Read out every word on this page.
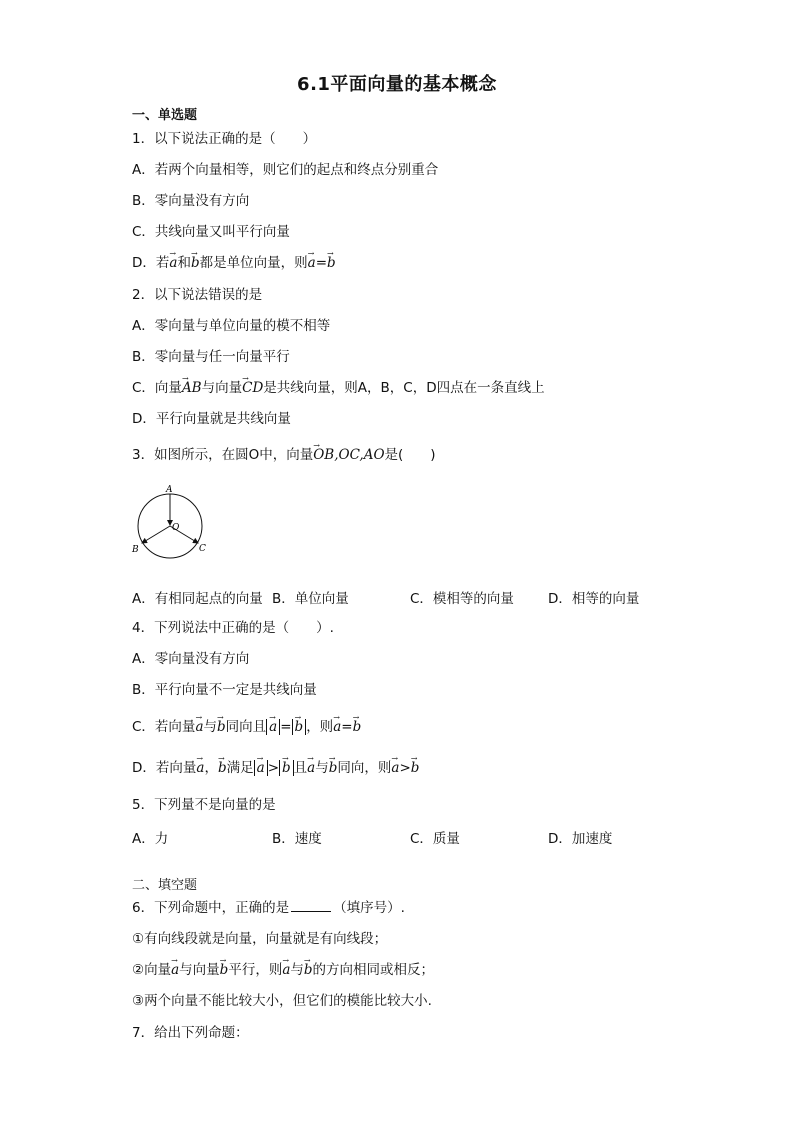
6.1平面向量的基本概念
一、单选题
1．以下说法正确的是（　　）
A．若两个向量相等，则它们的起点和终点分别重合
B．零向量没有方向
C．共线向量又叫平行向量
D．若→ a和→ b都是单位向量，则→ a=→ b
2．以下说法错误的是
A．零向量与单位向量的模不相等
B．零向量与任一向量平行
C．向量→ AB与向量→ CD是共线向量，则A，B，C，D四点在一条直线上
D．平行向量就是共线向量
3．如图所示，在圆O中，向量→ OB,OC,AO是(　　)
A
O
B	C
A．有相同起点的向量 B．单位向量	C．模相等的向量	D．相等的向量
4．下列说法中正确的是（　　）.
A．零向量没有方向
B．平行向量不一定是共线向量
C．若向量→ a与→ b同向且 → a = → b ，则→ a=→ b
D．若向量→ a，→ b满足 → a > → b 且→ a与→ b同向，则→ a>→ b
5．下列量不是向量的是
A．力	B．速度	C．质量	D．加速度
二、填空题
6．下列命题中，正确的是	（填序号）.
①有向线段就是向量，向量就是有向线段；
②向量→ a与向量→ b平行，则→ a与→ b的方向相同或相反；
③两个向量不能比较大小，但它们的模能比较大小.
7．给出下列命题：
